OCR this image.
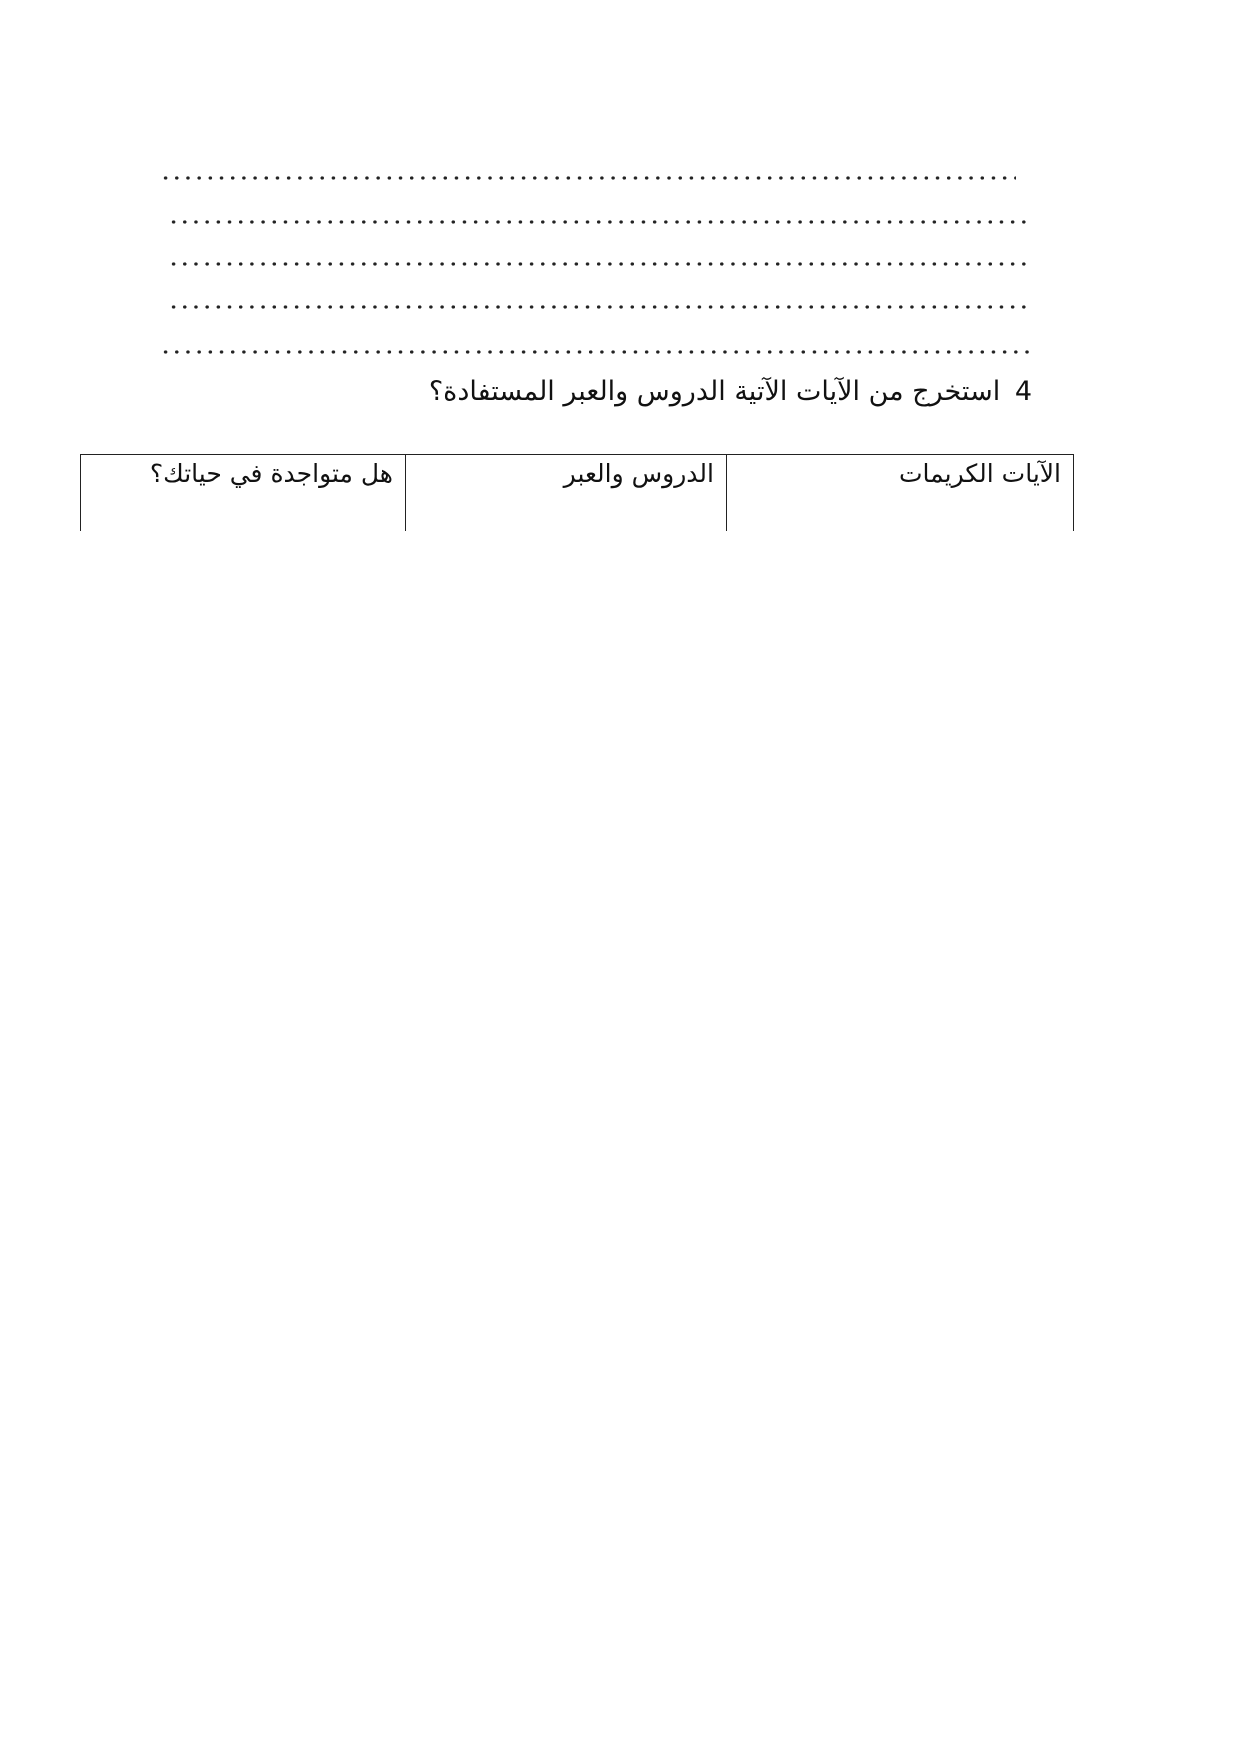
4 استخرج من الآيات الآتية الدروس والعبر المستفادة؟
الآيات الكريمات	الدروس والعبر	هل متواجدة في حياتك؟
